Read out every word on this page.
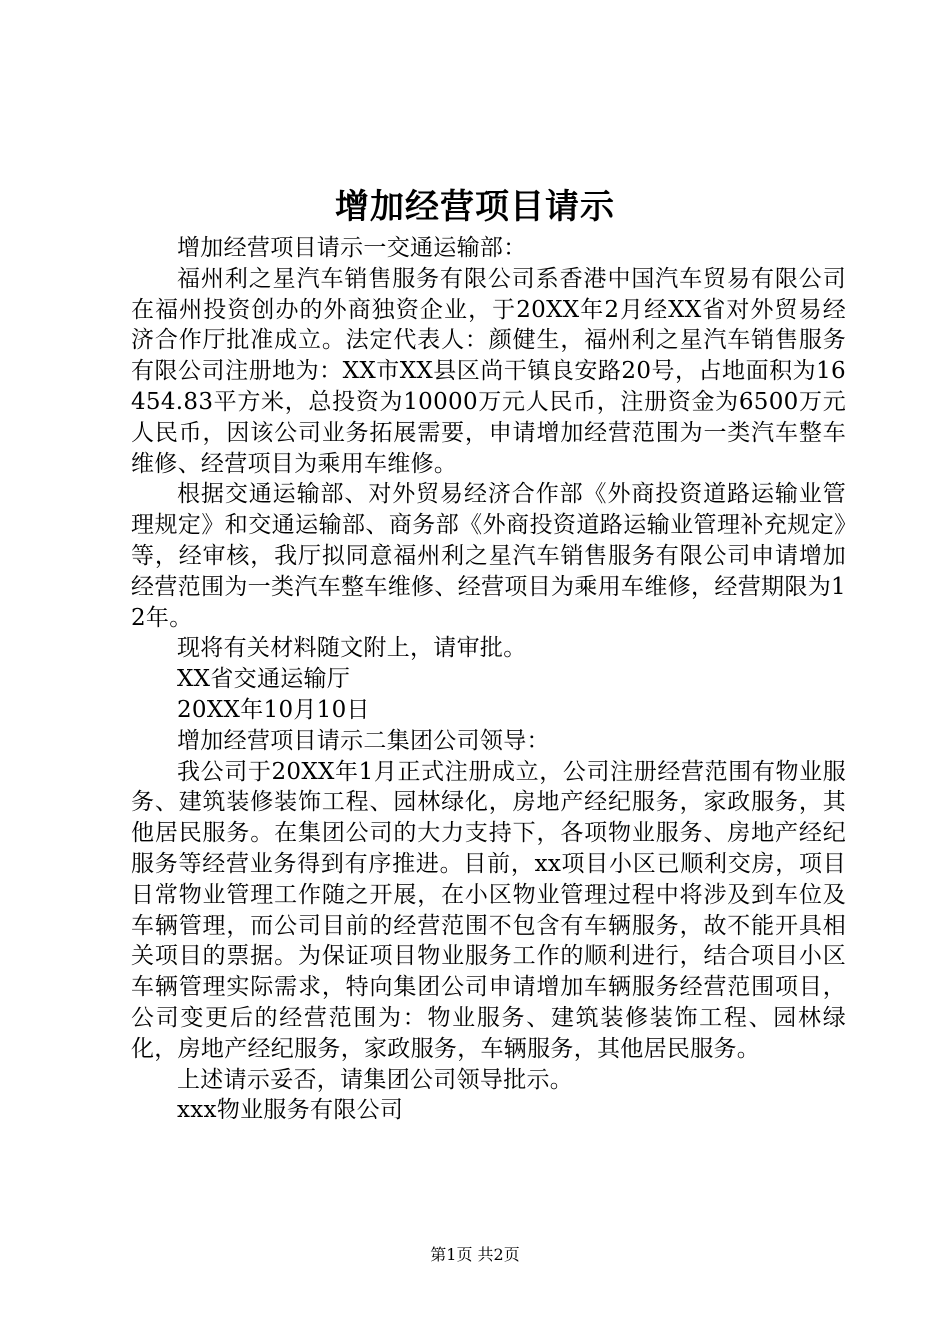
增加经营项目请示

增加经营项目请示一交通运输部：

福州利之星汽车销售服务有限公司系香港中国汽车贸易有限公司在福州投资创办的外商独资企业，于20XX年2月经XX省对外贸易经济合作厅批准成立。法定代表人：颜健生，福州利之星汽车销售服务有限公司注册地为：XX市XX县区尚干镇良安路20号，占地面积为16454.83平方米，总投资为10000万元人民币，注册资金为6500万元人民币，因该公司业务拓展需要，申请增加经营范围为一类汽车整车维修、经营项目为乘用车维修。

根据交通运输部、对外贸易经济合作部《外商投资道路运输业管理规定》和交通运输部、商务部《外商投资道路运输业管理补充规定》等，经审核，我厅拟同意福州利之星汽车销售服务有限公司申请增加经营范围为一类汽车整车维修、经营项目为乘用车维修，经营期限为12年。

现将有关材料随文附上，请审批。

XX省交通运输厅

20XX年10月10日

增加经营项目请示二集团公司领导：

我公司于20XX年1月正式注册成立，公司注册经营范围有物业服务、建筑装修装饰工程、园林绿化，房地产经纪服务，家政服务，其他居民服务。在集团公司的大力支持下，各项物业服务、房地产经纪服务等经营业务得到有序推进。目前，xx项目小区已顺利交房，项目日常物业管理工作随之开展，在小区物业管理过程中将涉及到车位及车辆管理，而公司目前的经营范围不包含有车辆服务，故不能开具相关项目的票据。为保证项目物业服务工作的顺利进行，结合项目小区车辆管理实际需求，特向集团公司申请增加车辆服务经营范围项目，公司变更后的经营范围为：物业服务、建筑装修装饰工程、园林绿化，房地产经纪服务，家政服务，车辆服务，其他居民服务。

上述请示妥否，请集团公司领导批示。

xxx物业服务有限公司

第1页 共2页
